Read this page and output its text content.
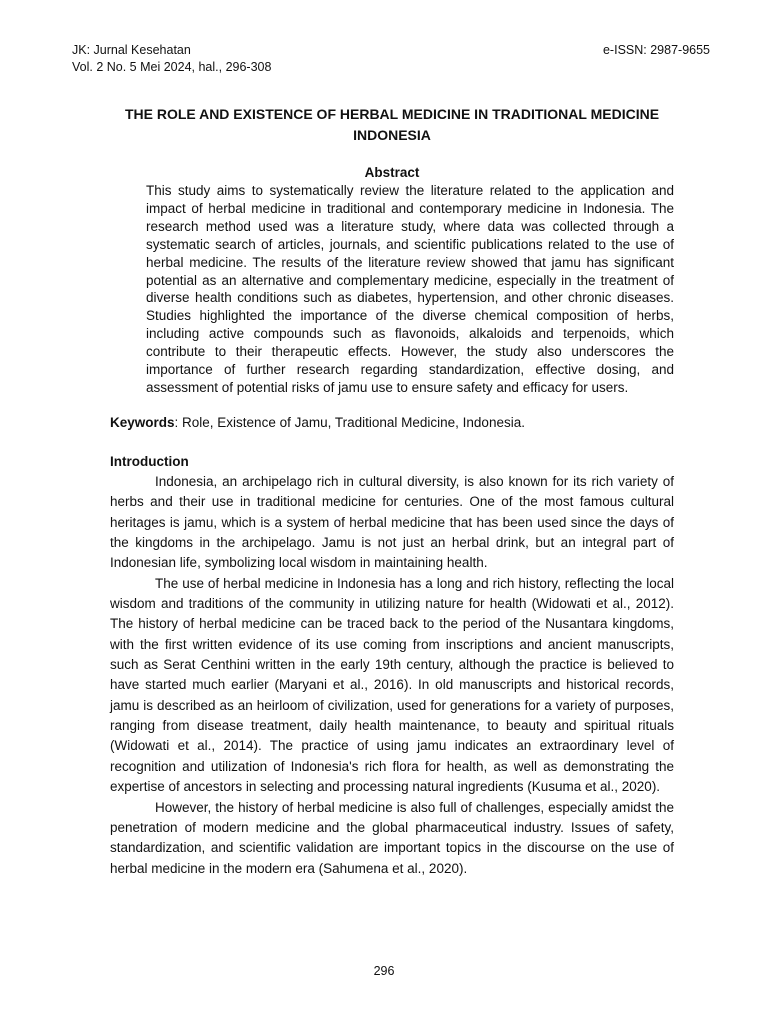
JK: Jurnal Kesehatan
Vol. 2 No. 5 Mei 2024, hal., 296-308
e-ISSN: 2987-9655
THE ROLE AND EXISTENCE OF HERBAL MEDICINE IN TRADITIONAL MEDICINE INDONESIA
Abstract

This study aims to systematically review the literature related to the application and impact of herbal medicine in traditional and contemporary medicine in Indonesia. The research method used was a literature study, where data was collected through a systematic search of articles, journals, and scientific publications related to the use of herbal medicine. The results of the literature review showed that jamu has significant potential as an alternative and complementary medicine, especially in the treatment of diverse health conditions such as diabetes, hypertension, and other chronic diseases. Studies highlighted the importance of the diverse chemical composition of herbs, including active compounds such as flavonoids, alkaloids and terpenoids, which contribute to their therapeutic effects. However, the study also underscores the importance of further research regarding standardization, effective dosing, and assessment of potential risks of jamu use to ensure safety and efficacy for users.

Keywords: Role, Existence of Jamu, Traditional Medicine, Indonesia.
Introduction

Indonesia, an archipelago rich in cultural diversity, is also known for its rich variety of herbs and their use in traditional medicine for centuries. One of the most famous cultural heritages is jamu, which is a system of herbal medicine that has been used since the days of the kingdoms in the archipelago. Jamu is not just an herbal drink, but an integral part of Indonesian life, symbolizing local wisdom in maintaining health.

The use of herbal medicine in Indonesia has a long and rich history, reflecting the local wisdom and traditions of the community in utilizing nature for health (Widowati et al., 2012). The history of herbal medicine can be traced back to the period of the Nusantara kingdoms, with the first written evidence of its use coming from inscriptions and ancient manuscripts, such as Serat Centhini written in the early 19th century, although the practice is believed to have started much earlier (Maryani et al., 2016). In old manuscripts and historical records, jamu is described as an heirloom of civilization, used for generations for a variety of purposes, ranging from disease treatment, daily health maintenance, to beauty and spiritual rituals (Widowati et al., 2014). The practice of using jamu indicates an extraordinary level of recognition and utilization of Indonesia's rich flora for health, as well as demonstrating the expertise of ancestors in selecting and processing natural ingredients (Kusuma et al., 2020).

However, the history of herbal medicine is also full of challenges, especially amidst the penetration of modern medicine and the global pharmaceutical industry. Issues of safety, standardization, and scientific validation are important topics in the discourse on the use of herbal medicine in the modern era (Sahumena et al., 2020).

296
